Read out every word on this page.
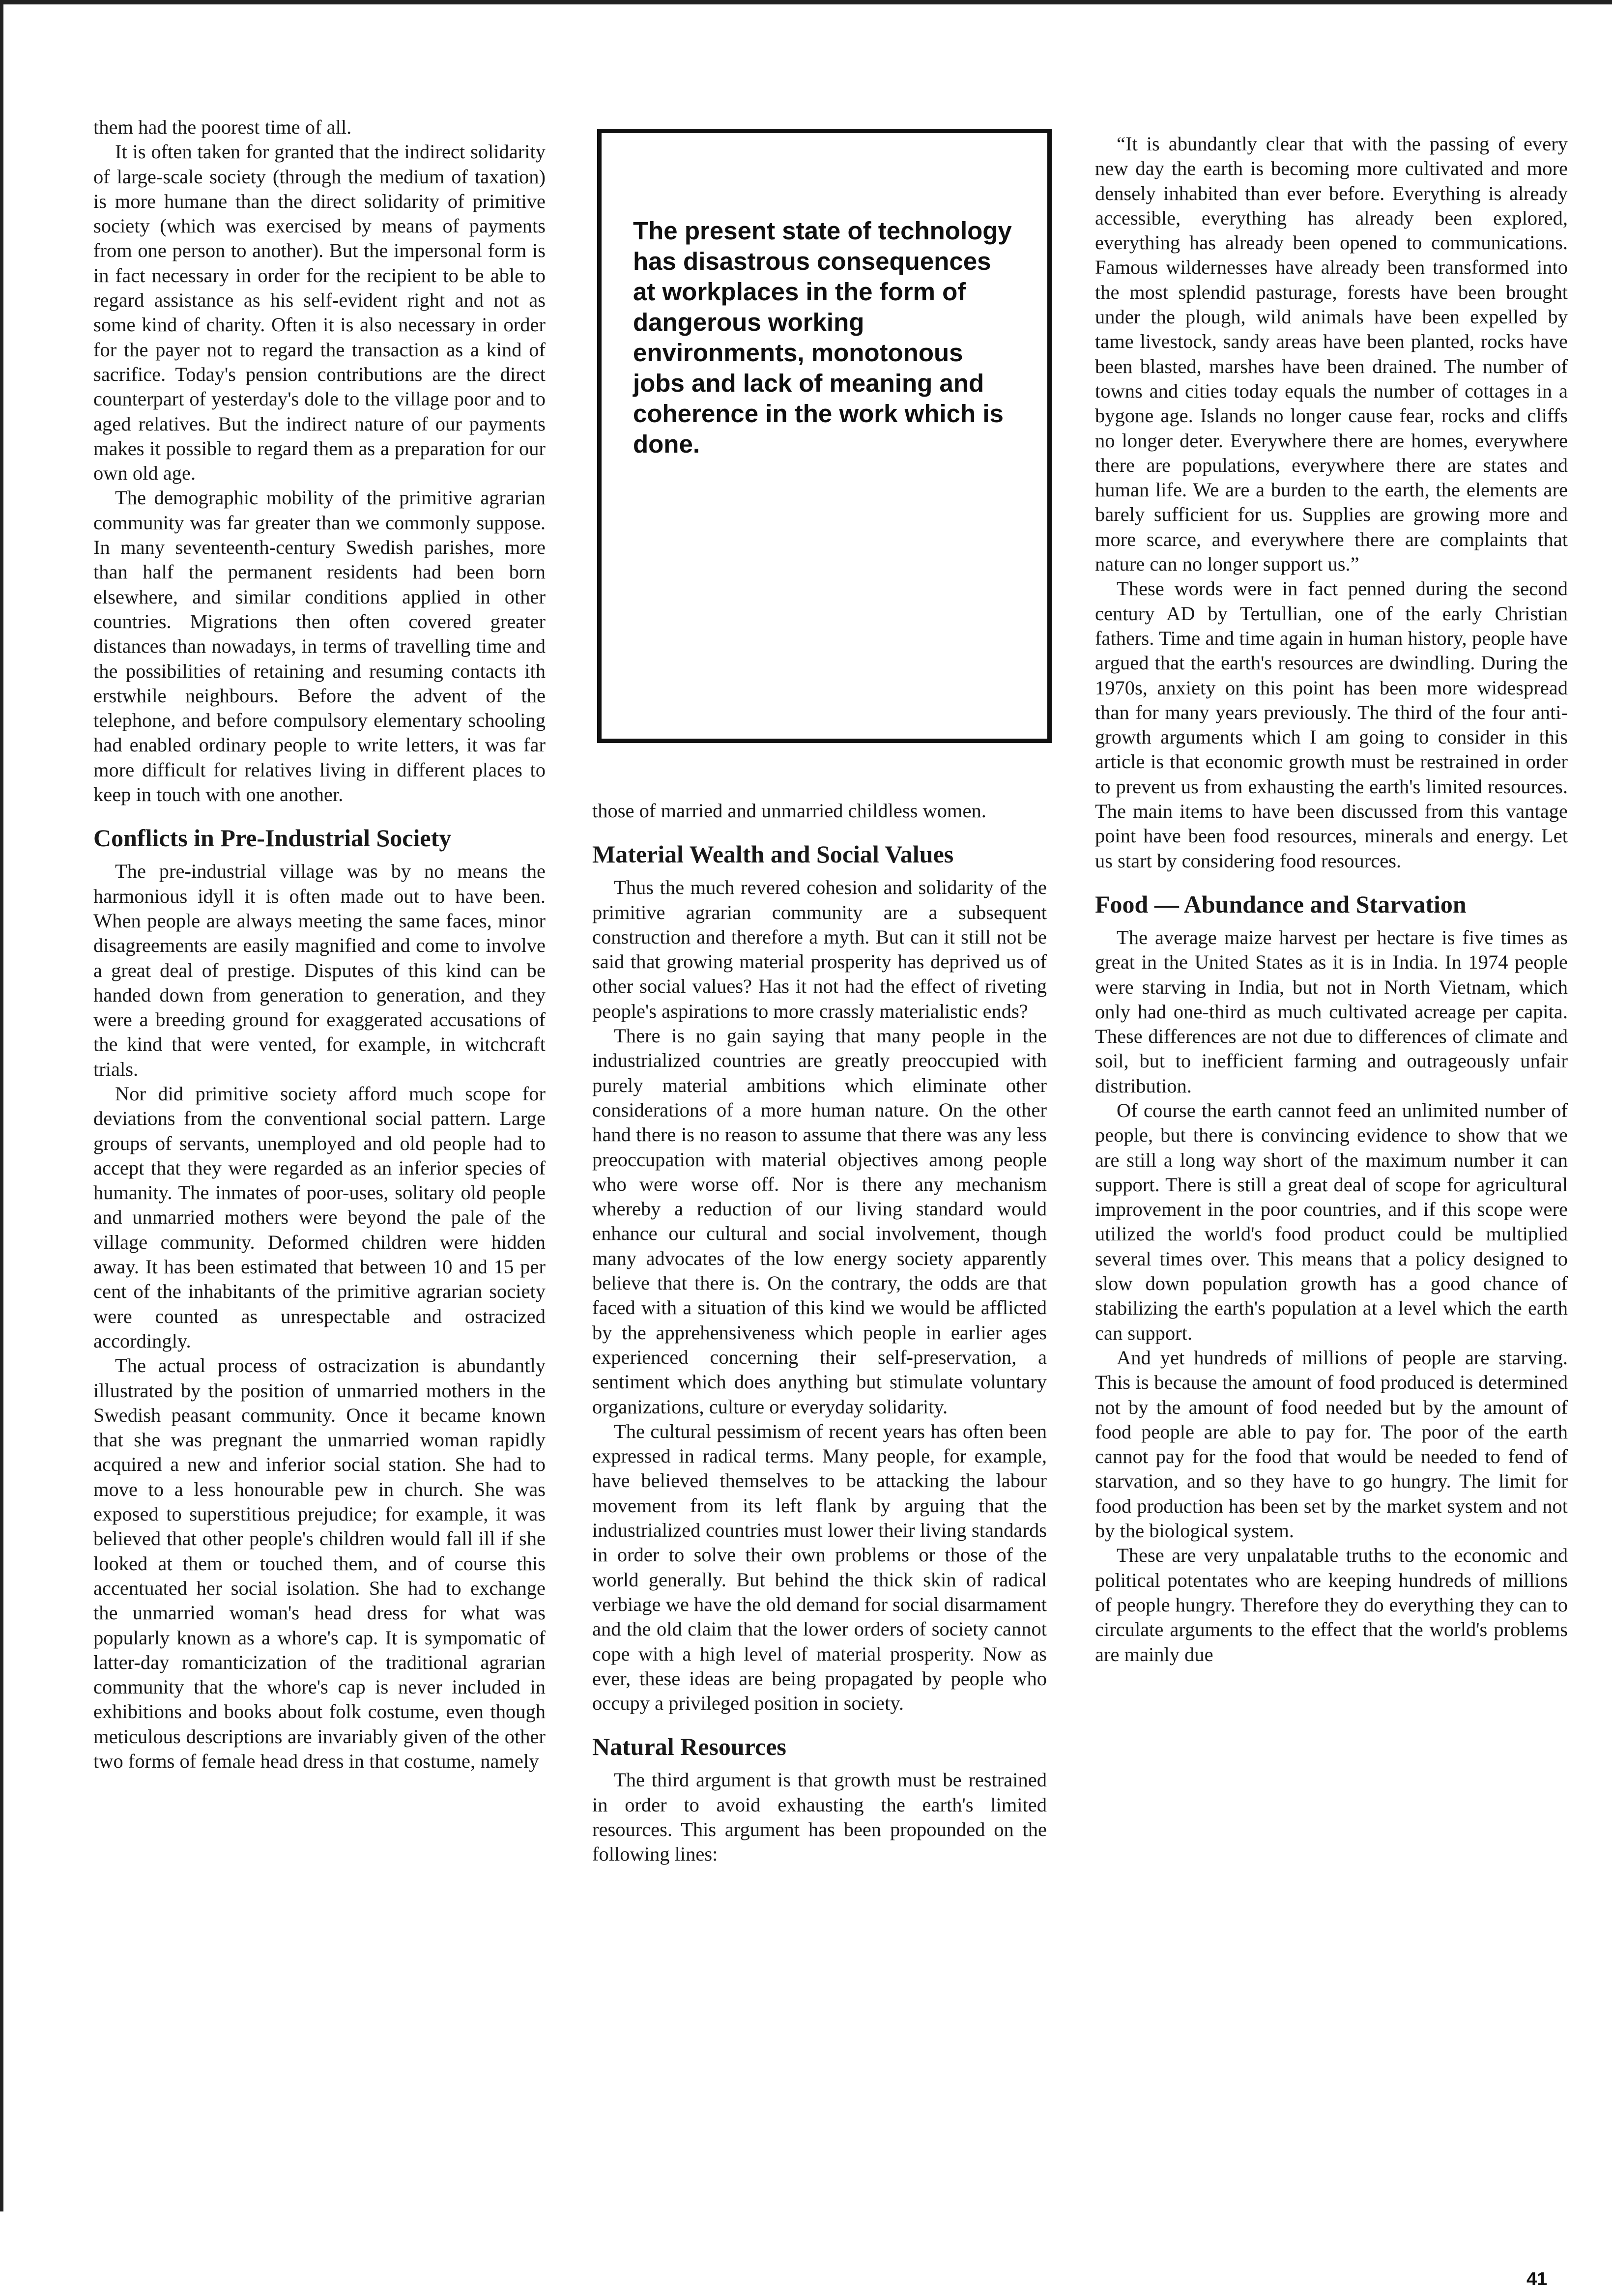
them had the poorest time of all.

It is often taken for granted that the indirect solidarity of large-scale society (through the medium of taxation) is more humane than the direct solidarity of primitive society (which was exercised by means of payments from one person to another). But the impersonal form is in fact necessary in order for the recipient to be able to regard assistance as his self-evident right and not as some kind of charity. Often it is also necessary in order for the payer not to regard the transaction as a kind of sacrifice. Today's pension contributions are the direct counterpart of yesterday's dole to the village poor and to aged relatives. But the indirect nature of our payments makes it possible to regard them as a preparation for our own old age.

The demographic mobility of the primitive agrarian community was far greater than we commonly suppose. In many seventeenth-century Swedish parishes, more than half the permanent residents had been born elsewhere, and similar conditions applied in other countries. Migrations then often covered greater distances than nowadays, in terms of travelling time and the possibilities of retaining and resuming contacts ith erstwhile neighbours. Before the advent of the telephone, and before compulsory elementary schooling had enabled ordinary people to write letters, it was far more difficult for relatives living in different places to keep in touch with one another.

Conflicts in Pre-Industrial Society

The pre-industrial village was by no means the harmonious idyll it is often made out to have been. When people are always meeting the same faces, minor disagreements are easily magnified and come to involve a great deal of prestige. Disputes of this kind can be handed down from generation to generation, and they were a breeding ground for exaggerated accusations of the kind that were vented, for example, in witchcraft trials.

Nor did primitive society afford much scope for deviations from the conventional social pattern. Large groups of servants, unemployed and old people had to accept that they were regarded as an inferior species of humanity. The inmates of poor-uses, solitary old people and unmarried mothers were beyond the pale of the village community. Deformed children were hidden away. It has been estimated that between 10 and 15 per cent of the inhabitants of the primitive agrarian society were counted as unrespectable and ostracized accordingly.

The actual process of ostracization is abundantly illustrated by the position of unmarried mothers in the Swedish peasant community. Once it became known that she was pregnant the unmarried woman rapidly acquired a new and inferior social station. She had to move to a less honourable pew in church. She was exposed to superstitious prejudice; for example, it was believed that other people's children would fall ill if she looked at them or touched them, and of course this accentuated her social isolation. She had to exchange the unmarried woman's head dress for what was popularly known as a whore's cap. It is sympomatic of latter-day romanticization of the traditional agrarian community that the whore's cap is never included in exhibitions and books about folk costume, even though meticulous descriptions are invariably given of the other two forms of female head dress in that costume, namely

The present state of technology has disastrous consequences at workplaces in the form of dangerous working environments, monotonous jobs and lack of meaning and coherence in the work which is done.

those of married and unmarried childless women.

Material Wealth and Social Values

Thus the much revered cohesion and solidarity of the primitive agrarian community are a subsequent construction and therefore a myth. But can it still not be said that growing material prosperity has deprived us of other social values? Has it not had the effect of riveting people's aspirations to more crassly materialistic ends?

There is no gain saying that many people in the industrialized countries are greatly preoccupied with purely material ambitions which eliminate other considerations of a more human nature. On the other hand there is no reason to assume that there was any less preoccupation with material objectives among people who were worse off. Nor is there any mechanism whereby a reduction of our living standard would enhance our cultural and social involvement, though many advocates of the low energy society apparently believe that there is. On the contrary, the odds are that faced with a situation of this kind we would be afflicted by the apprehensiveness which people in earlier ages experienced concerning their self-preservation, a sentiment which does anything but stimulate voluntary organizations, culture or everyday solidarity.

The cultural pessimism of recent years has often been expressed in radical terms. Many people, for example, have believed themselves to be attacking the labour movement from its left flank by arguing that the industrialized countries must lower their living standards in order to solve their own problems or those of the world generally. But behind the thick skin of radical verbiage we have the old demand for social disarmament and the old claim that the lower orders of society cannot cope with a high level of material prosperity. Now as ever, these ideas are being propagated by people who occupy a privileged position in society.

Natural Resources

The third argument is that growth must be restrained in order to avoid exhausting the earth's limited resources. This argument has been propounded on the following lines:

“It is abundantly clear that with the passing of every new day the earth is becoming more cultivated and more densely inhabited than ever before. Everything is already accessible, everything has already been explored, everything has already been opened to communications. Famous wildernesses have already been transformed into the most splendid pasturage, forests have been brought under the plough, wild animals have been expelled by tame livestock, sandy areas have been planted, rocks have been blasted, marshes have been drained. The number of towns and cities today equals the number of cottages in a bygone age. Islands no longer cause fear, rocks and cliffs no longer deter. Everywhere there are homes, everywhere there are populations, everywhere there are states and human life. We are a burden to the earth, the elements are barely sufficient for us. Supplies are growing more and more scarce, and everywhere there are complaints that nature can no longer support us.”

These words were in fact penned during the second century AD by Tertullian, one of the early Christian fathers. Time and time again in human history, people have argued that the earth's resources are dwindling. During the 1970s, anxiety on this point has been more widespread than for many years previously. The third of the four anti-growth arguments which I am going to consider in this article is that economic growth must be restrained in order to prevent us from exhausting the earth's limited resources. The main items to have been discussed from this vantage point have been food resources, minerals and energy. Let us start by considering food resources.

Food — Abundance and Starvation

The average maize harvest per hectare is five times as great in the United States as it is in India. In 1974 people were starving in India, but not in North Vietnam, which only had one-third as much cultivated acreage per capita. These differences are not due to differences of climate and soil, but to inefficient farming and outrageously unfair distribution.

Of course the earth cannot feed an unlimited number of people, but there is convincing evidence to show that we are still a long way short of the maximum number it can support. There is still a great deal of scope for agricultural improvement in the poor countries, and if this scope were utilized the world's food product could be multiplied several times over. This means that a policy designed to slow down population growth has a good chance of stabilizing the earth's population at a level which the earth can support.

And yet hundreds of millions of people are starving. This is because the amount of food produced is determined not by the amount of food needed but by the amount of food people are able to pay for. The poor of the earth cannot pay for the food that would be needed to fend of starvation, and so they have to go hungry. The limit for food production has been set by the market system and not by the biological system.

These are very unpalatable truths to the economic and political potentates who are keeping hundreds of millions of people hungry. Therefore they do everything they can to circulate arguments to the effect that the world's problems are mainly due

41
